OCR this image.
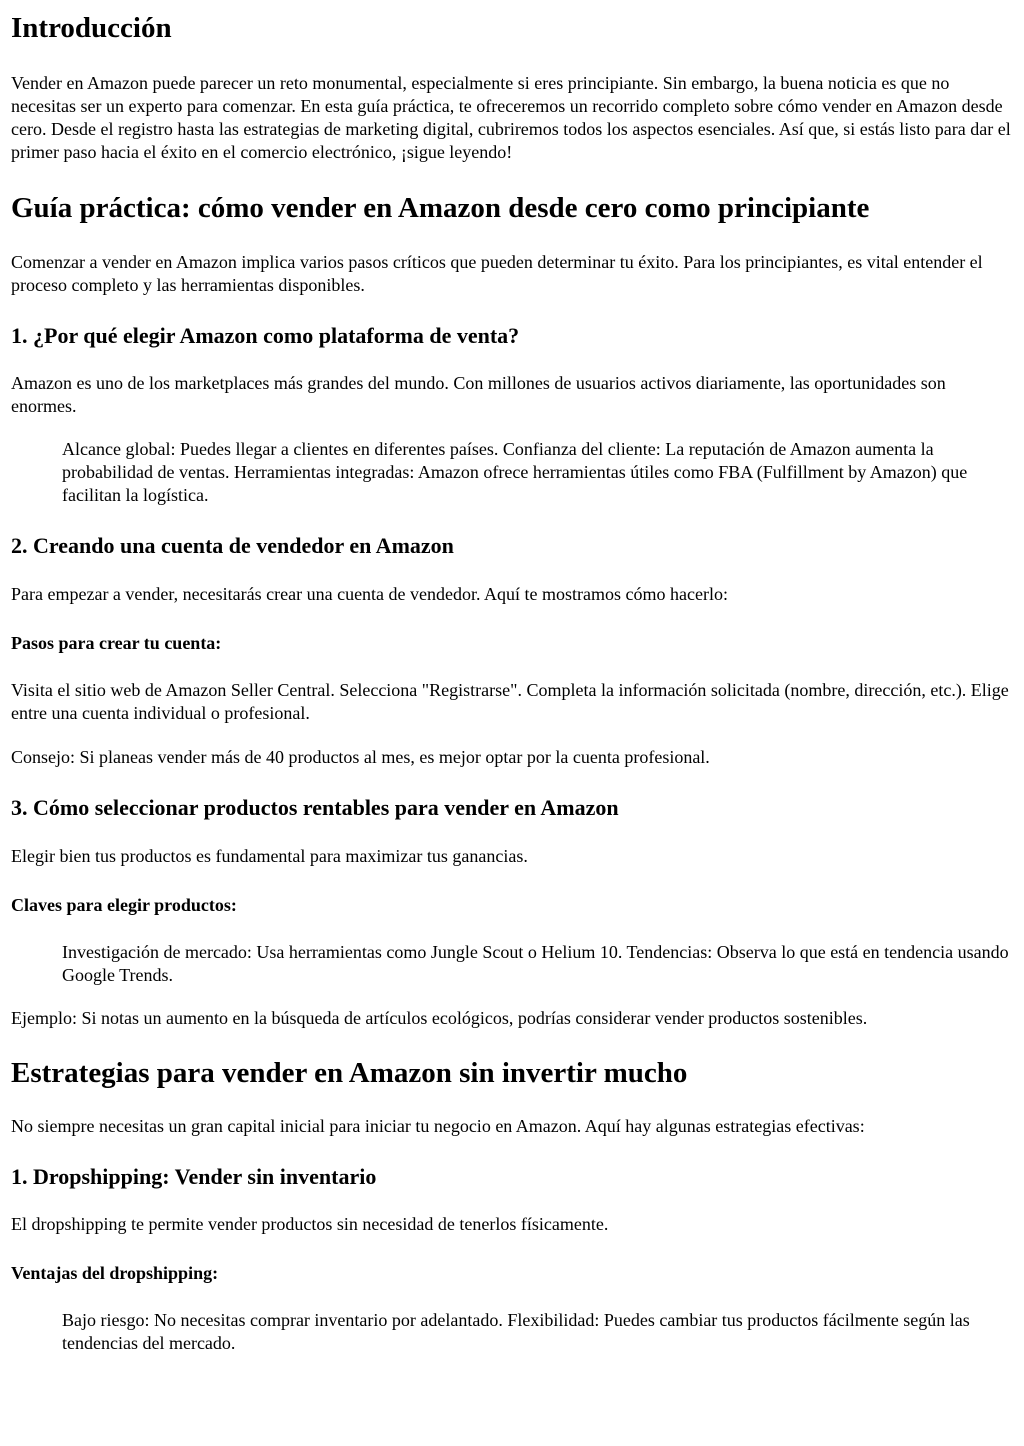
Introducción

Vender en Amazon puede parecer un reto monumental, especialmente si eres principiante. Sin embargo, la buena noticia es que no necesitas ser un experto para comenzar. En esta guía práctica, te ofreceremos un recorrido completo sobre cómo vender en Amazon desde cero. Desde el registro hasta las estrategias de marketing digital, cubriremos todos los aspectos esenciales. Así que, si estás listo para dar el primer paso hacia el éxito en el comercio electrónico, ¡sigue leyendo!

Guía práctica: cómo vender en Amazon desde cero como principiante

Comenzar a vender en Amazon implica varios pasos críticos que pueden determinar tu éxito. Para los principiantes, es vital entender el proceso completo y las herramientas disponibles.

1. ¿Por qué elegir Amazon como plataforma de venta?

Amazon es uno de los marketplaces más grandes del mundo. Con millones de usuarios activos diariamente, las oportunidades son enormes.

Alcance global: Puedes llegar a clientes en diferentes países. Confianza del cliente: La reputación de Amazon aumenta la probabilidad de ventas. Herramientas integradas: Amazon ofrece herramientas útiles como FBA (Fulfillment by Amazon) que facilitan la logística.
2. Creando una cuenta de vendedor en Amazon

Para empezar a vender, necesitarás crear una cuenta de vendedor. Aquí te mostramos cómo hacerlo:

Pasos para crear tu cuenta:

Visita el sitio web de Amazon Seller Central. Selecciona "Registrarse". Completa la información solicitada (nombre, dirección, etc.). Elige entre una cuenta individual o profesional.

Consejo: Si planeas vender más de 40 productos al mes, es mejor optar por la cuenta profesional.

3. Cómo seleccionar productos rentables para vender en Amazon

Elegir bien tus productos es fundamental para maximizar tus ganancias.

Claves para elegir productos:
Investigación de mercado: Usa herramientas como Jungle Scout o Helium 10. Tendencias: Observa lo que está en tendencia usando Google Trends.

Ejemplo: Si notas un aumento en la búsqueda de artículos ecológicos, podrías considerar vender productos sostenibles.

Estrategias para vender en Amazon sin invertir mucho

No siempre necesitas un gran capital inicial para iniciar tu negocio en Amazon. Aquí hay algunas estrategias efectivas:

1. Dropshipping: Vender sin inventario

El dropshipping te permite vender productos sin necesidad de tenerlos físicamente.

Ventajas del dropshipping:
Bajo riesgo: No necesitas comprar inventario por adelantado. Flexibilidad: Puedes cambiar tus productos fácilmente según las tendencias del mercado.
